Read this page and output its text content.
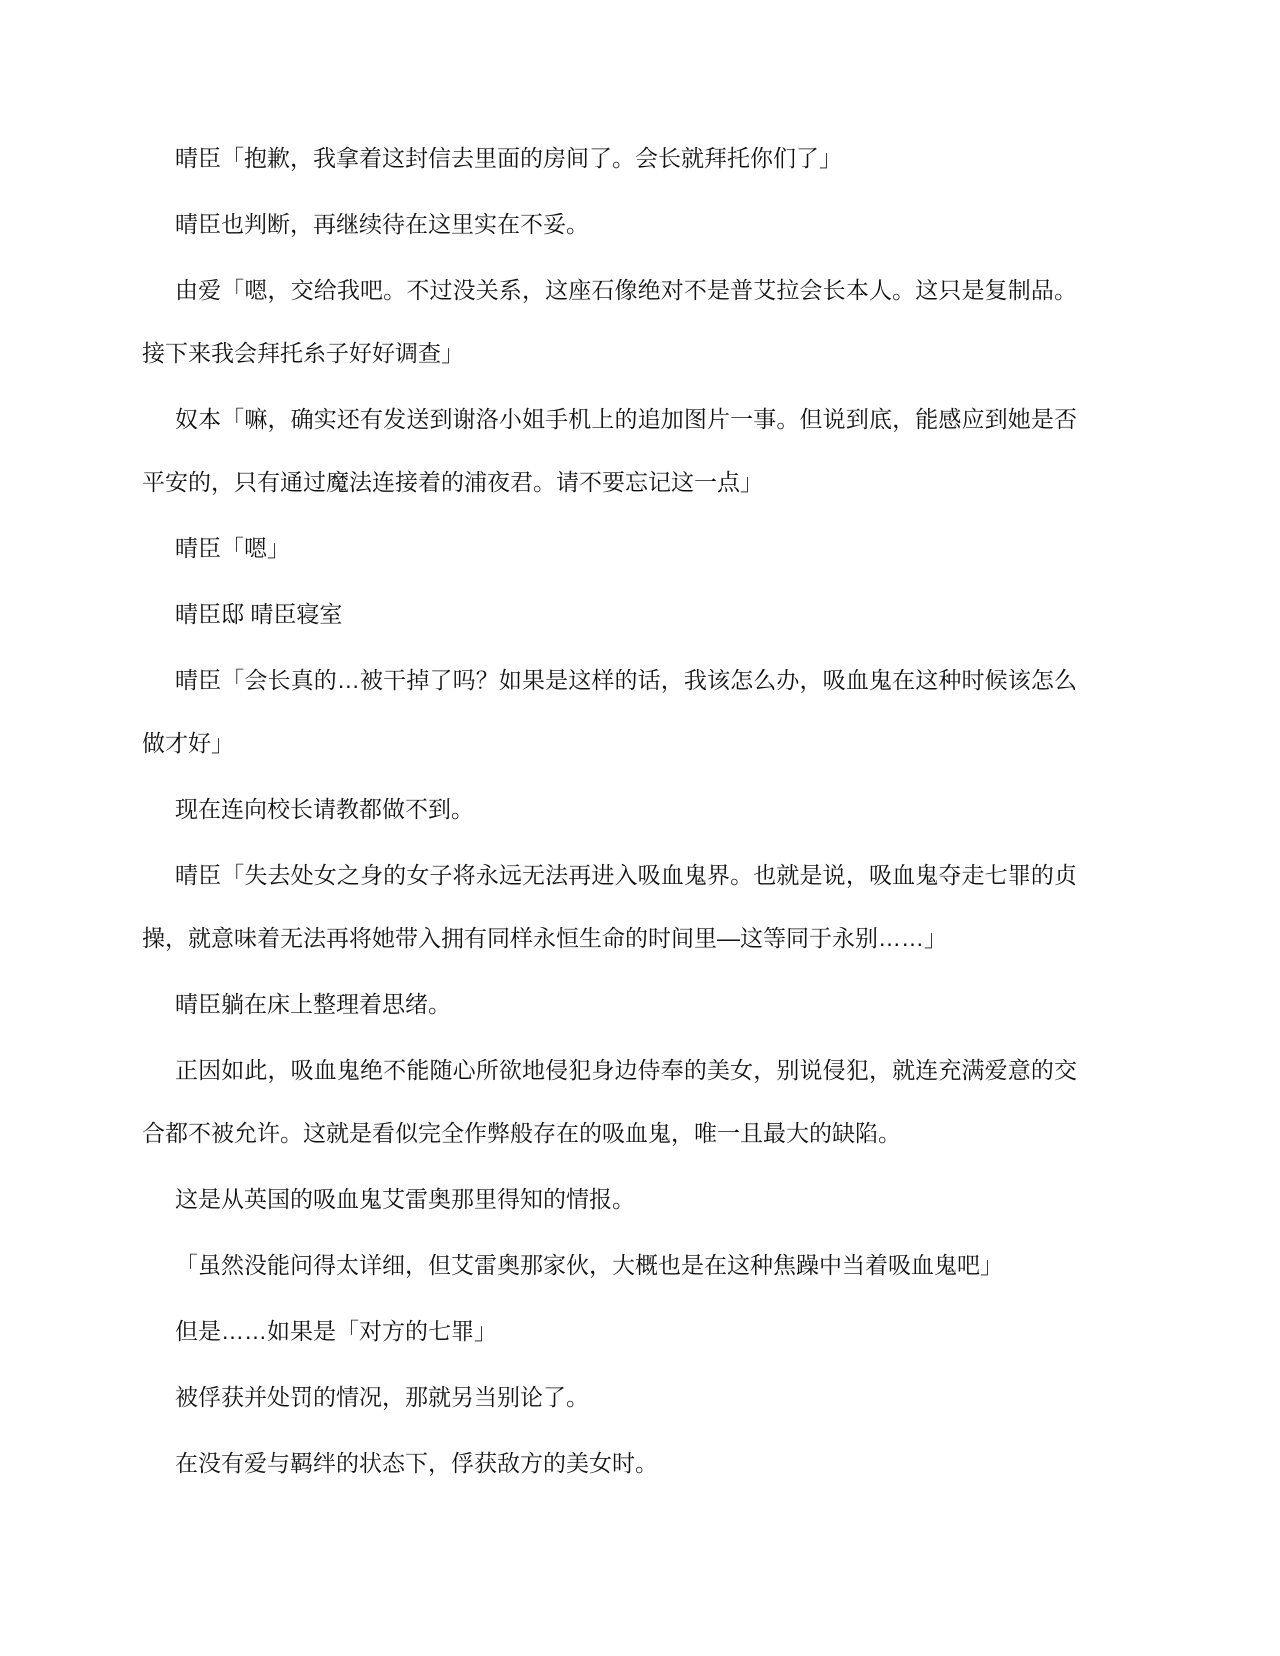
晴臣「抱歉，我拿着这封信去里面的房间了。会长就拜托你们了」

晴臣也判断，再继续待在这里实在不妥。

由爱「嗯，交给我吧。不过没关系，这座石像绝对不是普艾拉会长本人。这只是复制品。接下来我会拜托糸子好好调查」

奴本「嘛，确实还有发送到谢洛小姐手机上的追加图片一事。但说到底，能感应到她是否平安的，只有通过魔法连接着的浦夜君。请不要忘记这一点」

晴臣「嗯」

晴臣邸 晴臣寝室

晴臣「会长真的…被干掉了吗？如果是这样的话，我该怎么办，吸血鬼在这种时候该怎么做才好」

现在连向校长请教都做不到。

晴臣「失去处女之身的女子将永远无法再进入吸血鬼界。也就是说，吸血鬼夺走七罪的贞操，就意味着无法再将她带入拥有同样永恒生命的时间里—这等同于永别……」

晴臣躺在床上整理着思绪。

正因如此，吸血鬼绝不能随心所欲地侵犯身边侍奉的美女，别说侵犯，就连充满爱意的交合都不被允许。这就是看似完全作弊般存在的吸血鬼，唯一且最大的缺陷。

这是从英国的吸血鬼艾雷奥那里得知的情报。

「虽然没能问得太详细，但艾雷奥那家伙，大概也是在这种焦躁中当着吸血鬼吧」

但是……如果是「对方的七罪」

被俘获并处罚的情况，那就另当别论了。

在没有爱与羁绊的状态下，俘获敌方的美女时。
